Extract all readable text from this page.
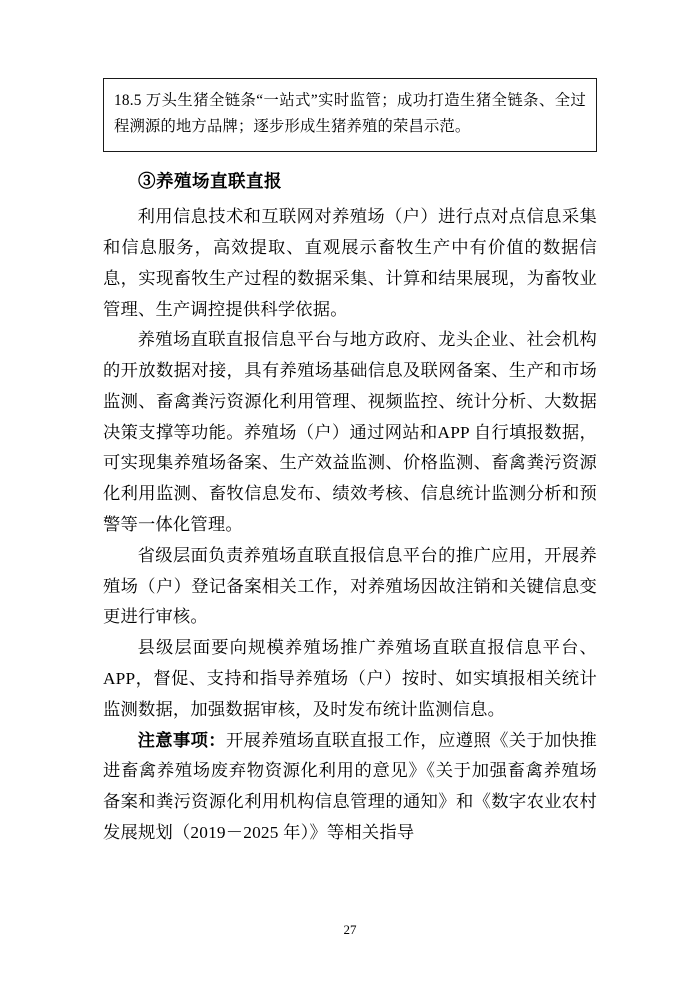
18.5 万头生猪全链条“一站式”实时监管；成功打造生猪全链条、全过程溯源的地方品牌；逐步形成生猪养殖的荣昌示范。

③养殖场直联直报

利用信息技术和互联网对养殖场（户）进行点对点信息采集和信息服务，高效提取、直观展示畜牧生产中有价值的数据信息，实现畜牧生产过程的数据采集、计算和结果展现，为畜牧业管理、生产调控提供科学依据。

养殖场直联直报信息平台与地方政府、龙头企业、社会机构的开放数据对接，具有养殖场基础信息及联网备案、生产和市场监测、畜禽粪污资源化利用管理、视频监控、统计分析、大数据决策支撑等功能。养殖场（户）通过网站和APP 自行填报数据，可实现集养殖场备案、生产效益监测、价格监测、畜禽粪污资源化利用监测、畜牧信息发布、绩效考核、信息统计监测分析和预警等一体化管理。

省级层面负责养殖场直联直报信息平台的推广应用，开展养殖场（户）登记备案相关工作，对养殖场因故注销和关键信息变更进行审核。

县级层面要向规模养殖场推广养殖场直联直报信息平台、APP，督促、支持和指导养殖场（户）按时、如实填报相关统计监测数据，加强数据审核，及时发布统计监测信息。

注意事项：开展养殖场直联直报工作，应遵照《关于加快推进畜禽养殖场废弃物资源化利用的意见》《关于加强畜禽养殖场备案和粪污资源化利用机构信息管理的通知》和《数字农业农村发展规划（2019－2025 年）》等相关指导

27
